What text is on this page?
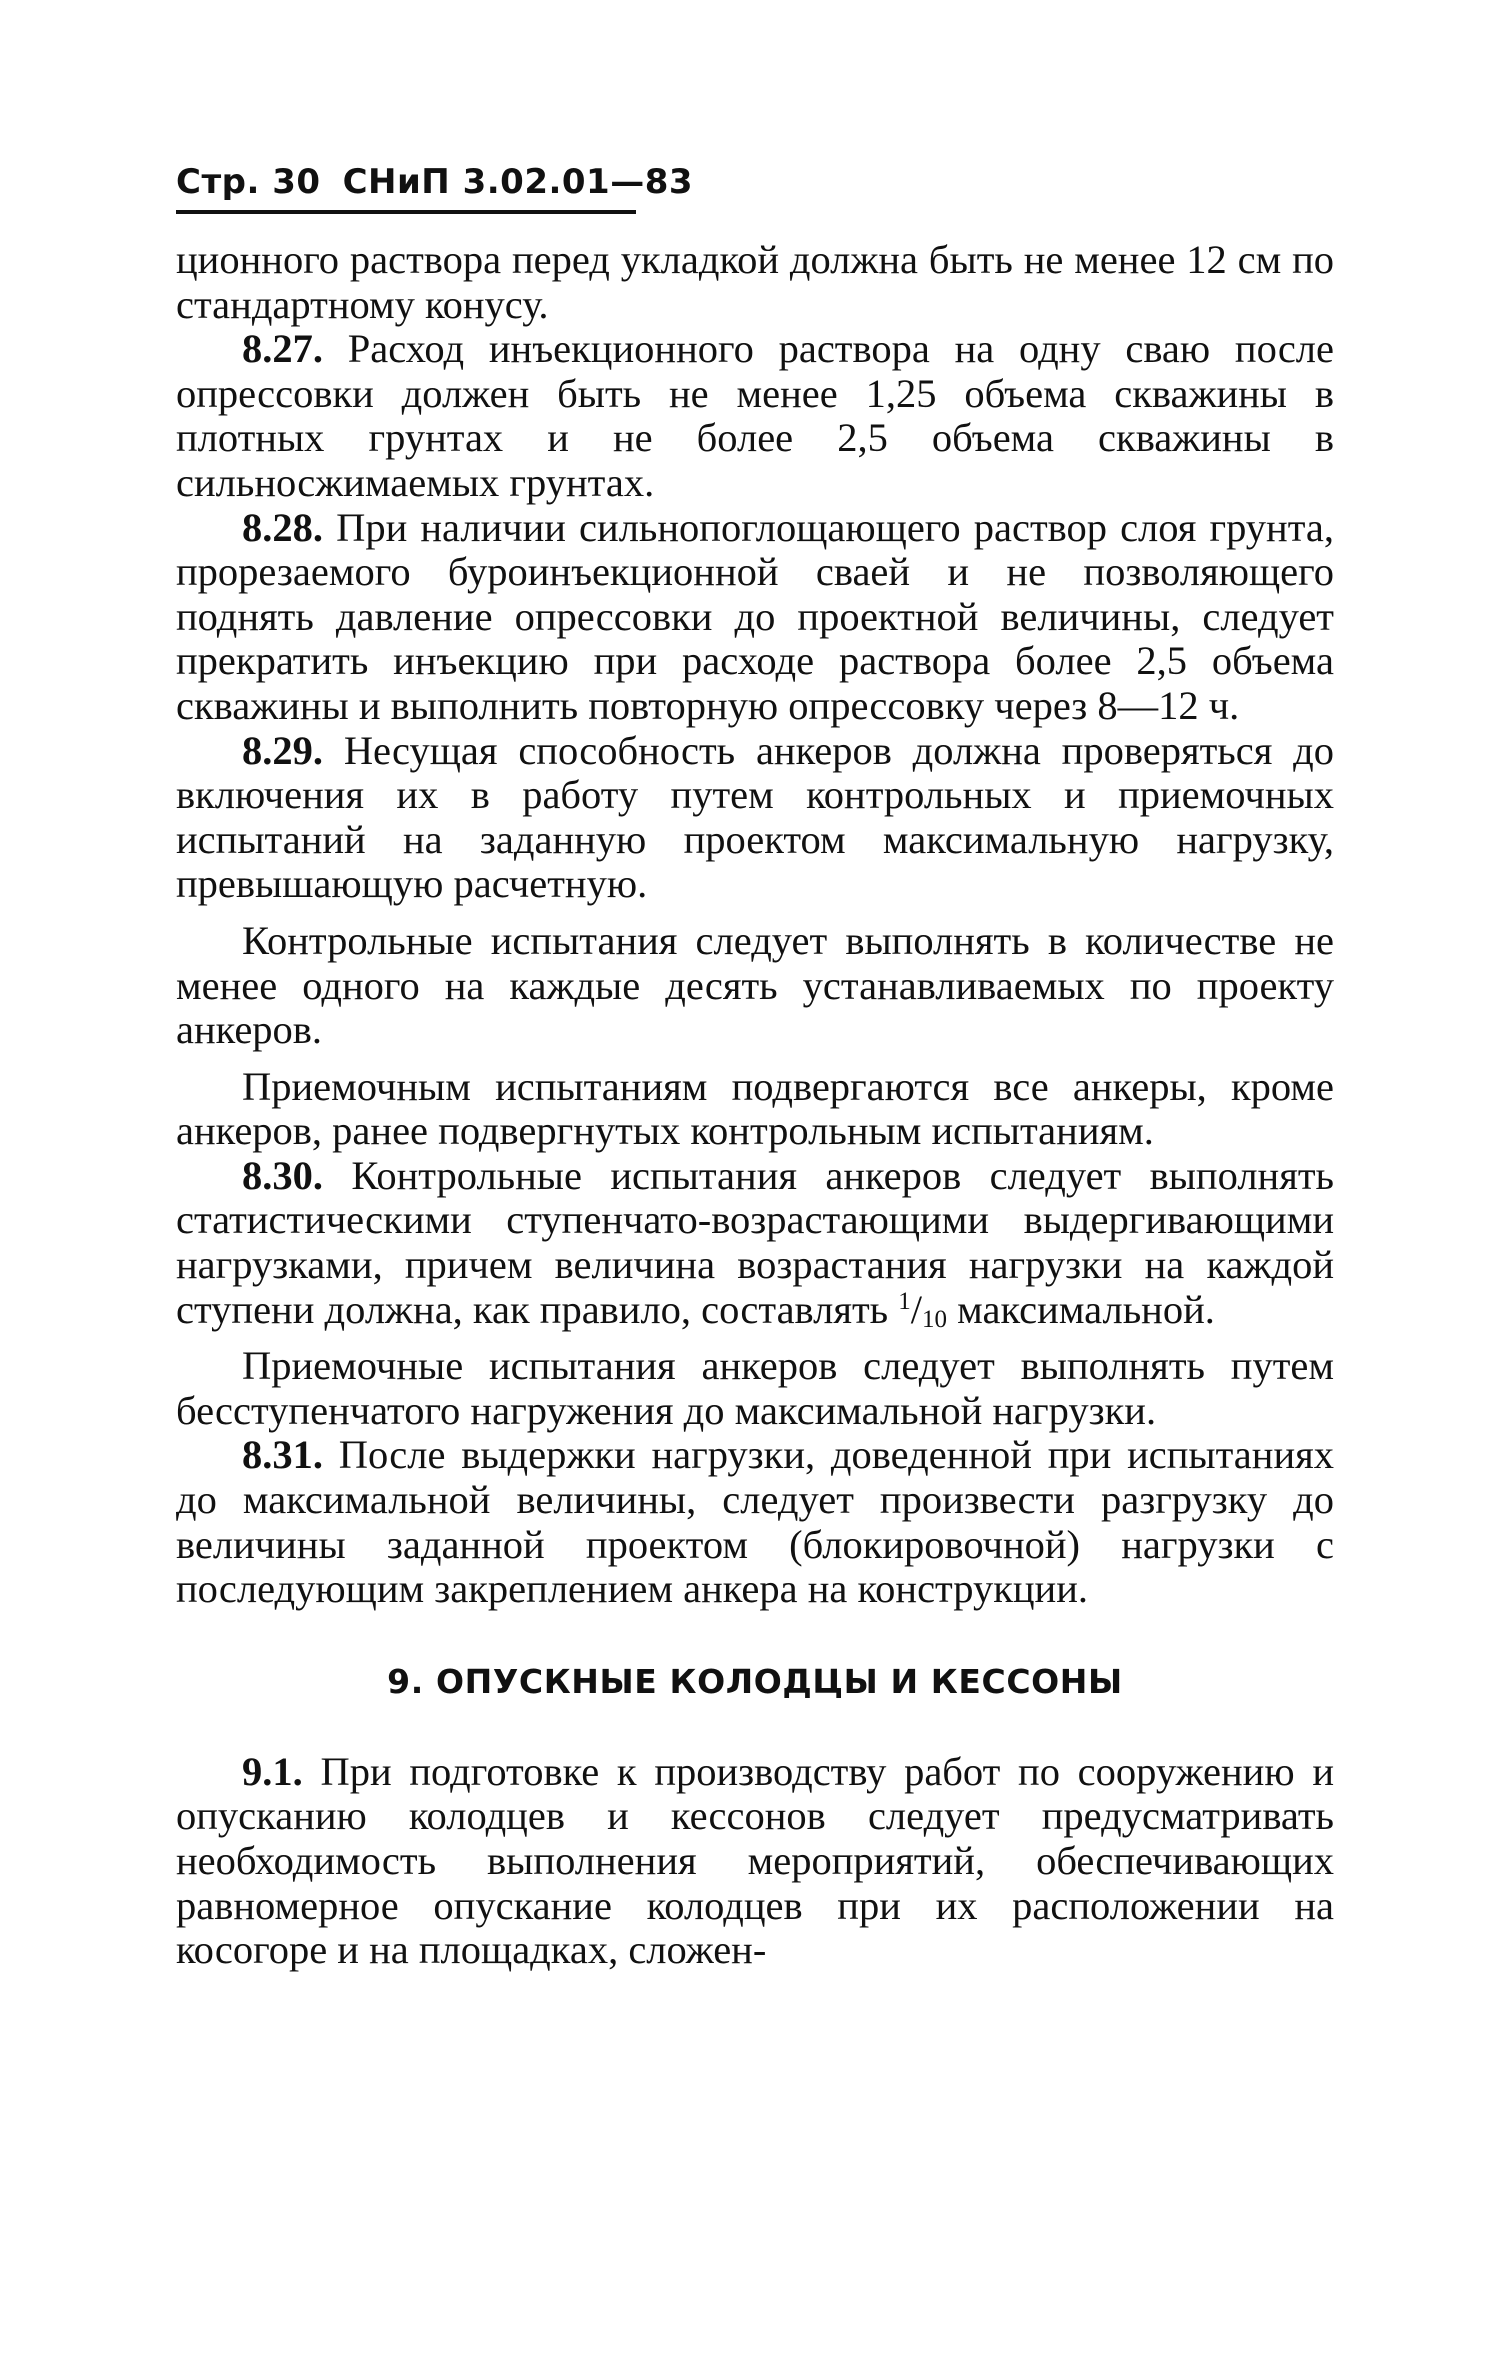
Стр. 30 СНиП 3.02.01—83

ционного раствора перед укладкой должна быть не менее 12 см по стандартному конусу.

8.27. Расход инъекционного раствора на одну сваю после опрессовки должен быть не менее 1,25 объема скважины в плотных грунтах и не более 2,5 объема скважины в сильносжимаемых грунтах.

8.28. При наличии сильнопоглощающего раствор слоя грунта, прорезаемого буроинъекционной сваей и не позволяющего поднять давление опрессовки до проектной величины, следует прекратить инъекцию при расходе раствора более 2,5 объема скважины и выполнить повторную опрессовку через 8—12 ч.

8.29. Несущая способность анкеров должна проверяться до включения их в работу путем контрольных и приемочных испытаний на заданную проектом максимальную нагрузку, превышающую расчетную.

Контрольные испытания следует выполнять в количестве не менее одного на каждые десять устанавливаемых по проекту анкеров.

Приемочным испытаниям подвергаются все анкеры, кроме анкеров, ранее подвергнутых контрольным испытаниям.

8.30. Контрольные испытания анкеров следует выполнять статистическими ступенчато-возрастающими выдергивающими нагрузками, причем величина возрастания нагрузки на каждой ступени должна, как правило, составлять $^1/_{10}$ максимальной.

Приемочные испытания анкеров следует выполнять путем бесступенчатого нагружения до максимальной нагрузки.

8.31. После выдержки нагрузки, доведенной при испытаниях до максимальной величины, следует произвести разгрузку до величины заданной проектом (блокировочной) нагрузки с последующим закреплением анкера на конструкции.

9. ОПУСКНЫЕ КОЛОДЦЫ И КЕССОНЫ

9.1. При подготовке к производству работ по сооружению и опусканию колодцев и кессонов следует предусматривать необходимость выполнения мероприятий, обеспечивающих равномерное опускание колодцев при их расположении на косогоре и на площадках, сложен-
